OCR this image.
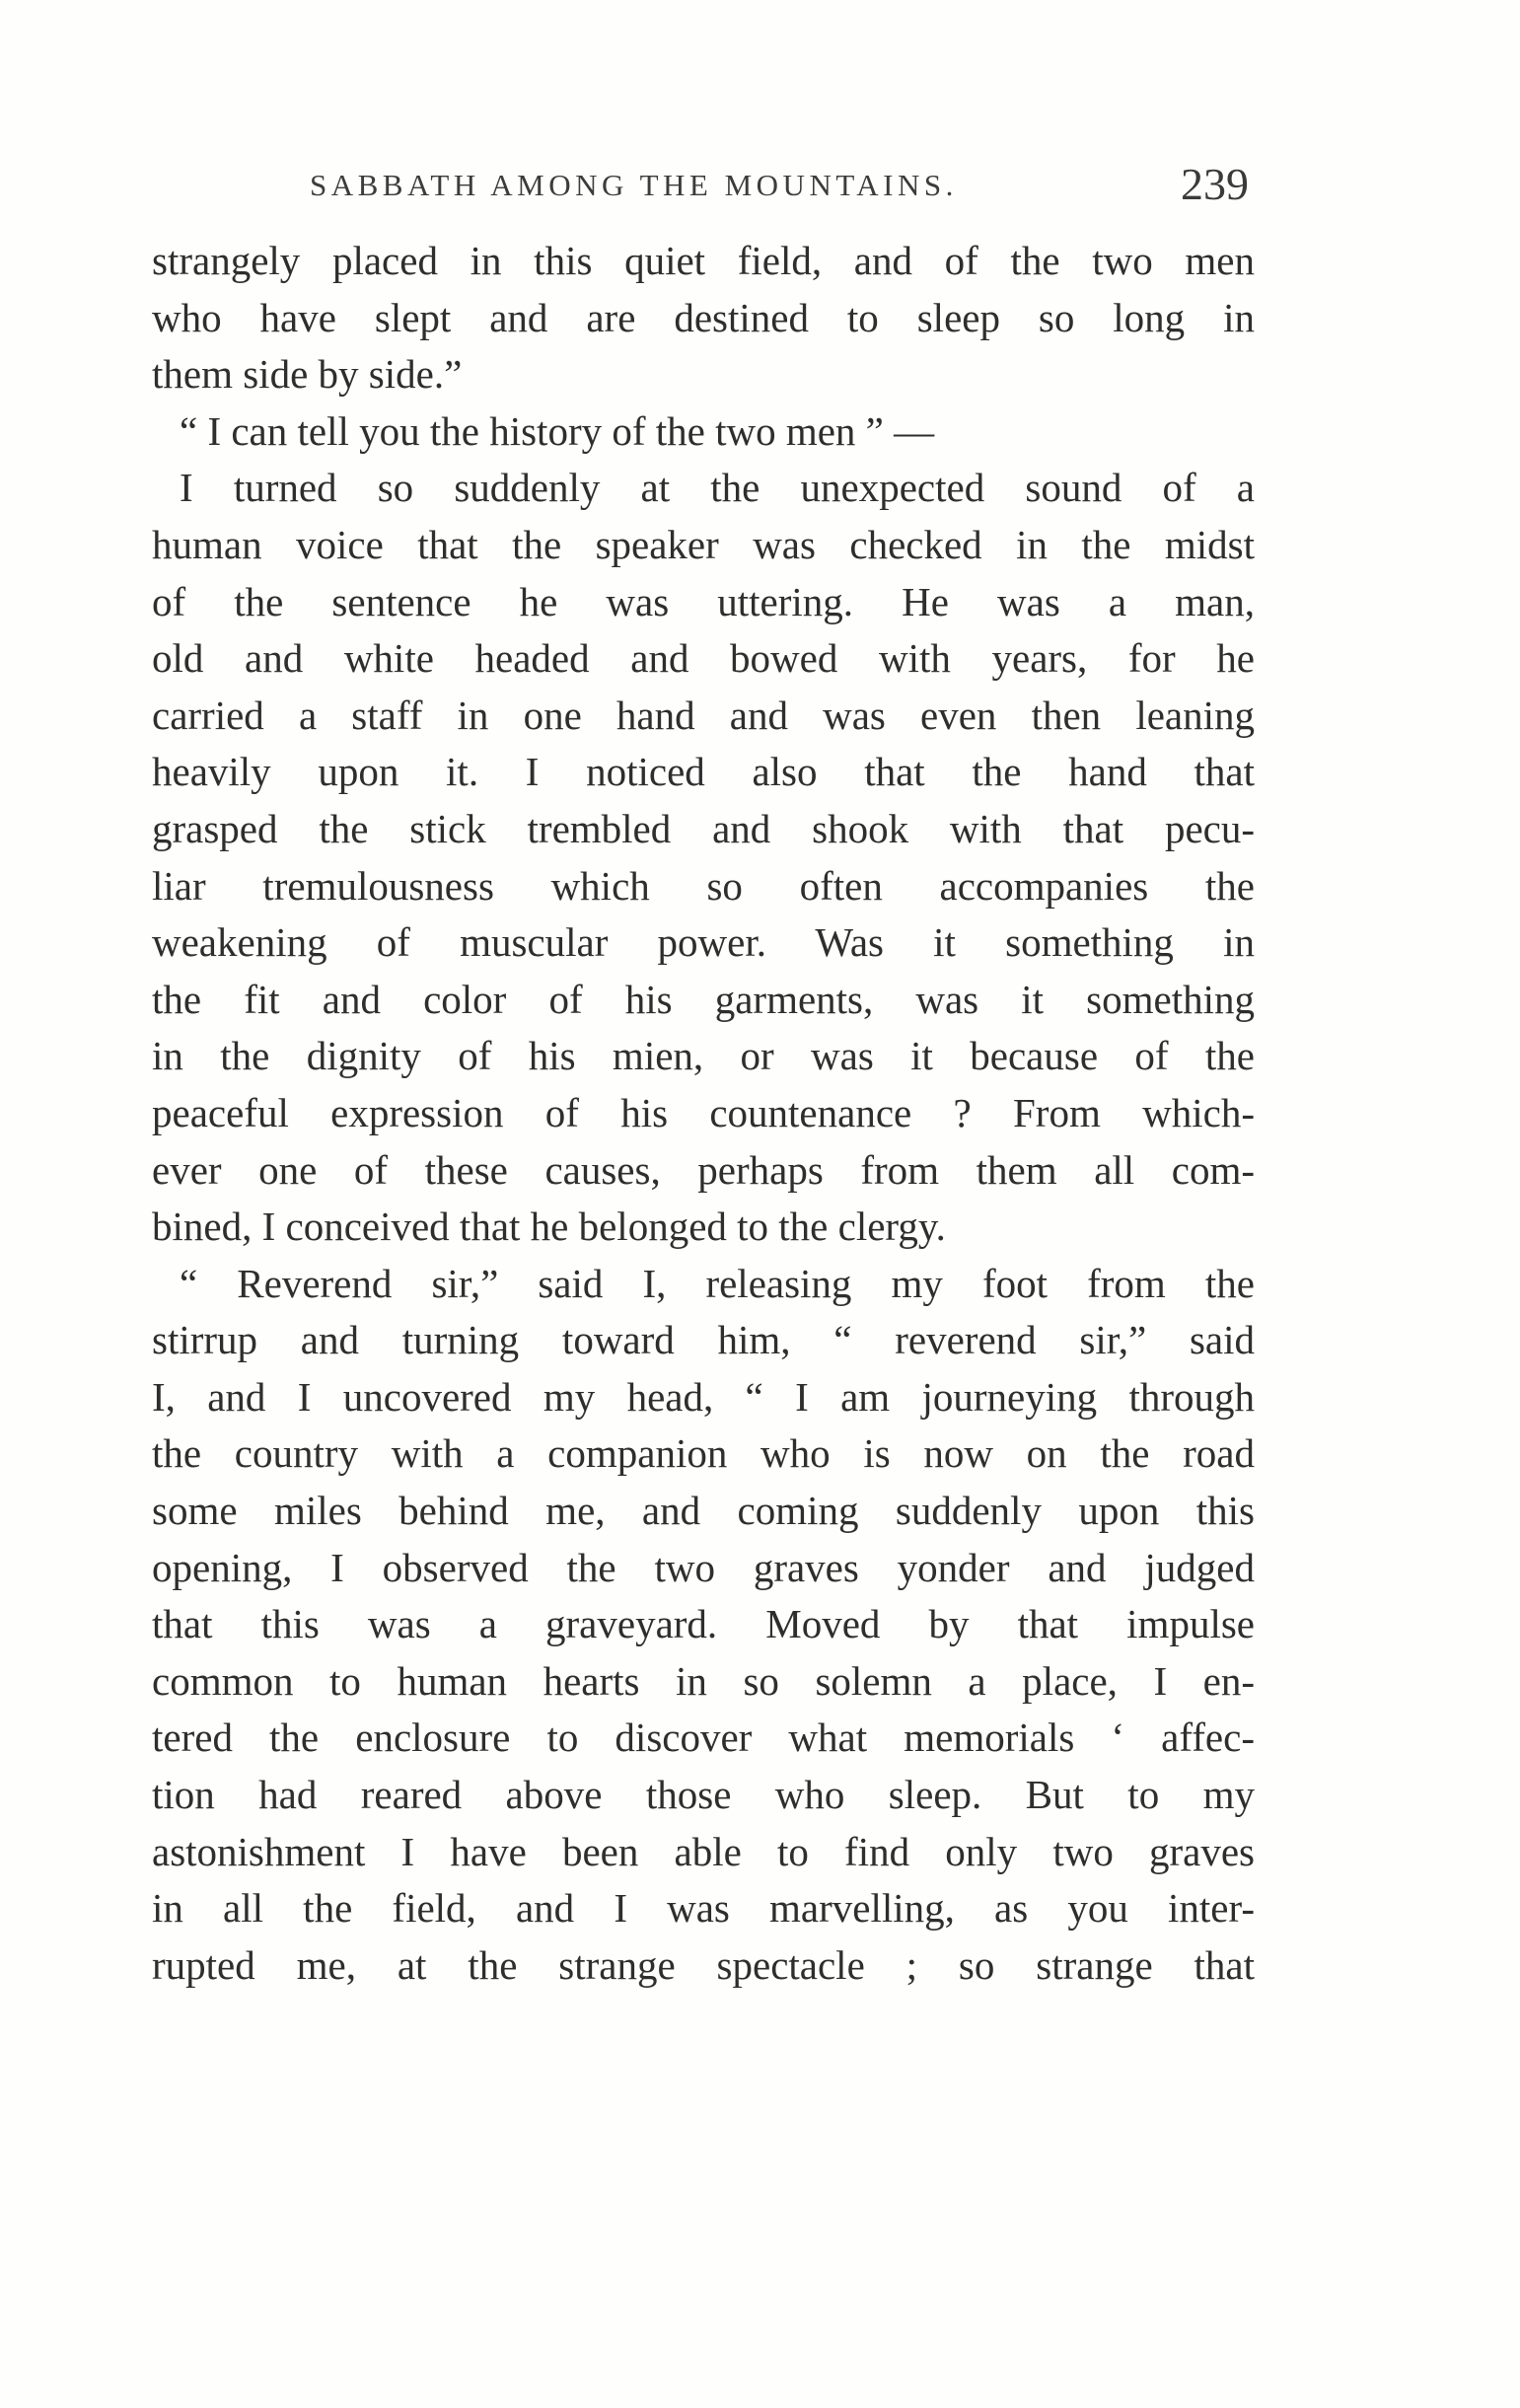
SABBATH AMONG THE MOUNTAINS.	239
strangely placed in this quiet field, and of the two men
who have slept and are destined to sleep so long in
them side by side.”
“ I can tell you the history of the two men ” —
I turned so suddenly at the unexpected sound of a
human voice that the speaker was checked in the midst
of the sentence he was uttering. He was a man,
old and white headed and bowed with years, for he
carried a staff in one hand and was even then leaning
heavily upon it. I noticed also that the hand that
grasped the stick trembled and shook with that pecu-
liar tremulousness which so often accompanies the
weakening of muscular power. Was it something in
the fit and color of his garments, was it something
in the dignity of his mien, or was it because of the
peaceful expression of his countenance ? From which-
ever one of these causes, perhaps from them all com-
bined, I conceived that he belonged to the clergy.
“ Reverend sir,” said I, releasing my foot from the
stirrup and turning toward him, “ reverend sir,” said
I, and I uncovered my head, “ I am journeying through
the country with a companion who is now on the road
some miles behind me, and coming suddenly upon this
opening, I observed the two graves yonder and judged
that this was a graveyard. Moved by that impulse
common to human hearts in so solemn a place, I en-
tered the enclosure to discover what memorials ‘ affec-
tion had reared above those who sleep. But to my
astonishment I have been able to find only two graves
in all the field, and I was marvelling, as you inter-
rupted me, at the strange spectacle ; so strange that
